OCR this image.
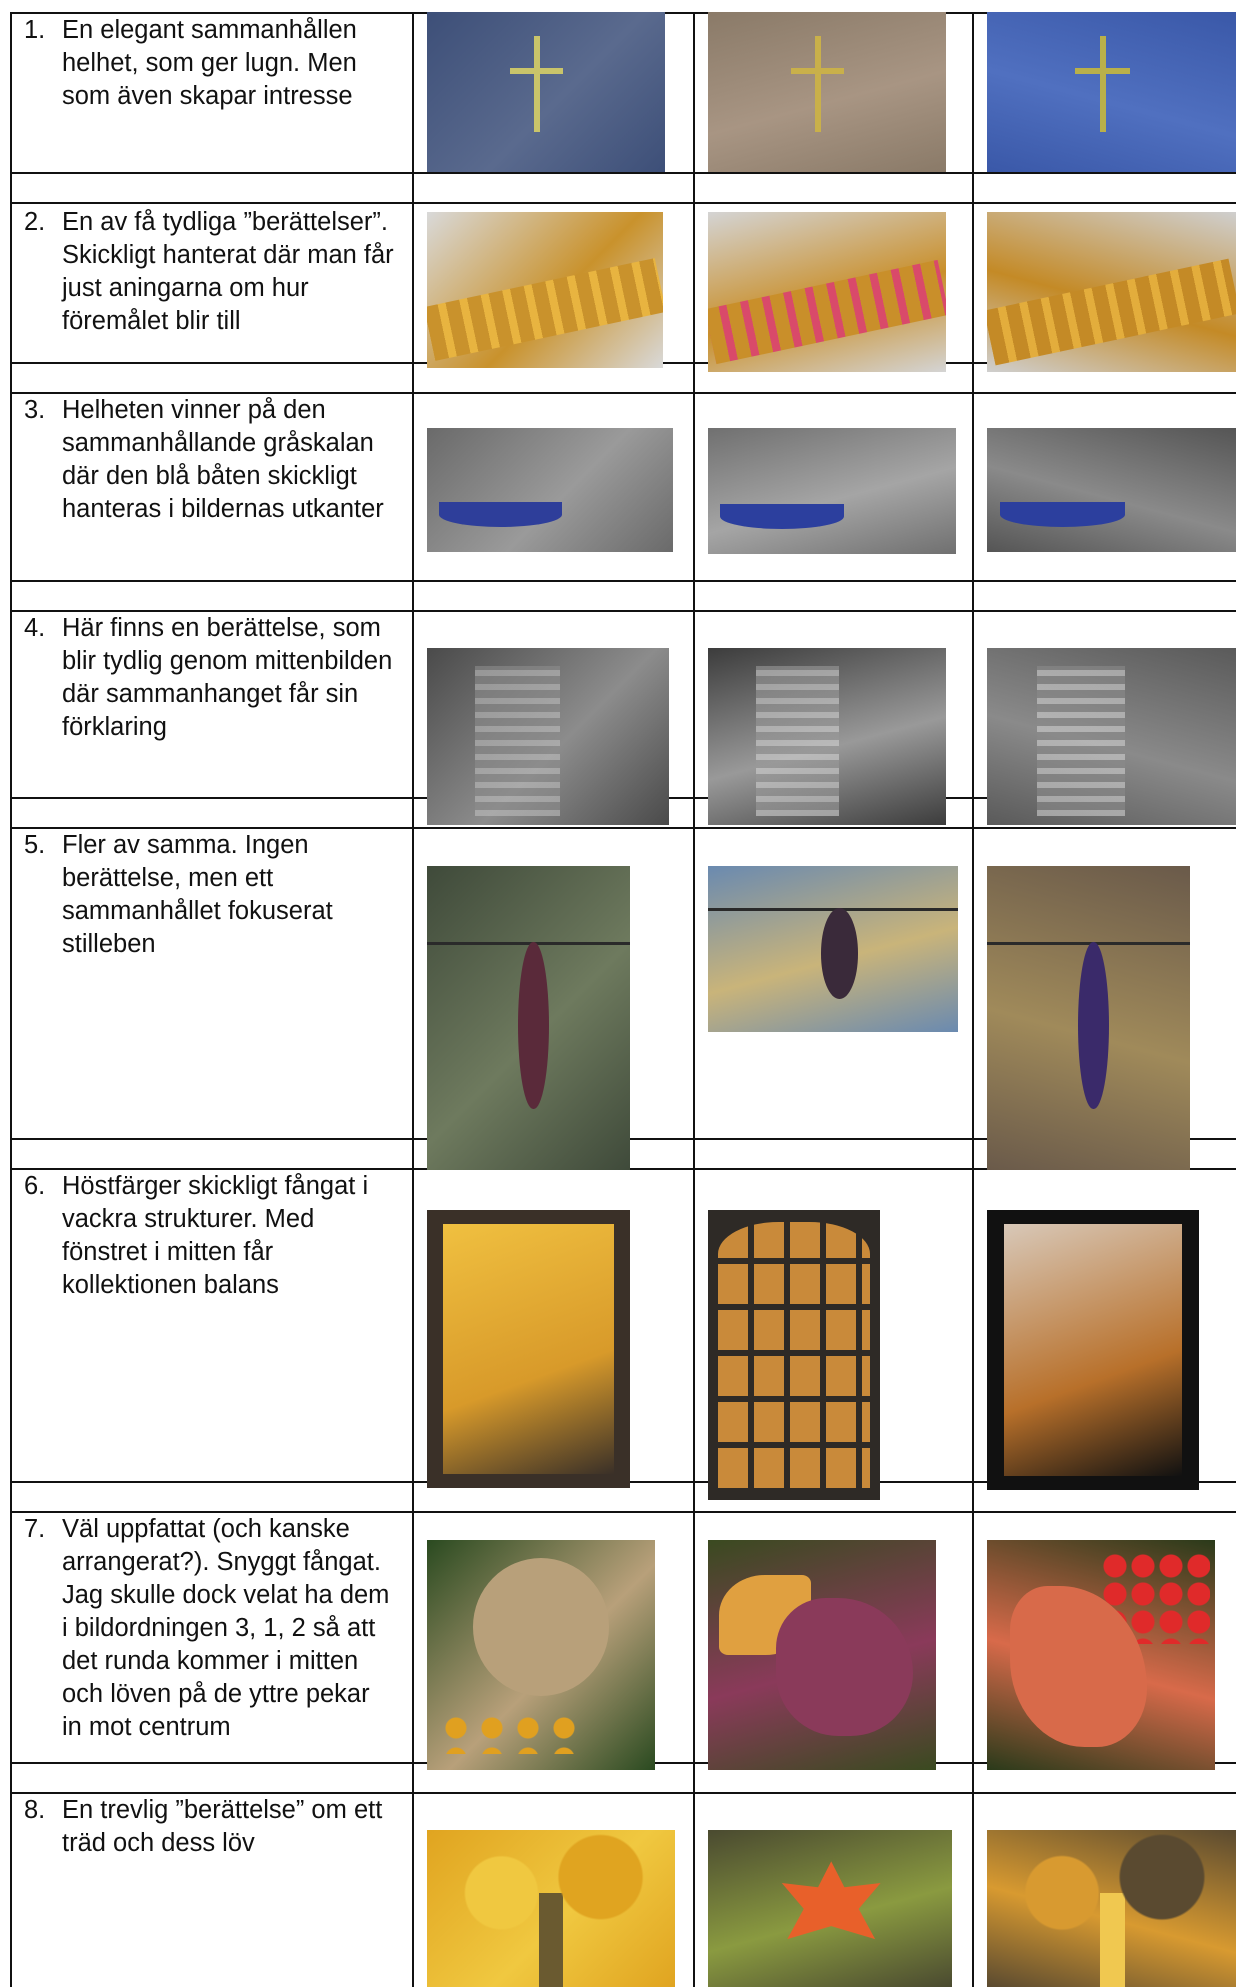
1. En elegant sammanhållen helhet, som ger lugn. Men som även skapar intresse
2. En av få tydliga ”berättelser”. Skickligt hanterat där man får just aningarna om hur föremålet blir till
3. Helheten vinner på den sammanhållande gråskalan där den blå båten skickligt hanteras i bildernas utkanter
4. Här finns en berättelse, som blir tydlig genom mittenbilden där sammanhanget får sin förklaring
5. Fler av samma. Ingen berättelse, men ett sammanhållet fokuserat stilleben
6. Höstfärger skickligt fångat i vackra strukturer. Med fönstret i mitten får kollektionen balans
7. Väl uppfattat (och kanske arrangerat?). Snyggt fångat. Jag skulle dock velat ha dem i bildordningen 3, 1, 2 så att det runda kommer i mitten och löven på de yttre pekar in mot centrum
8. En trevlig ”berättelse” om ett träd och dess löv
